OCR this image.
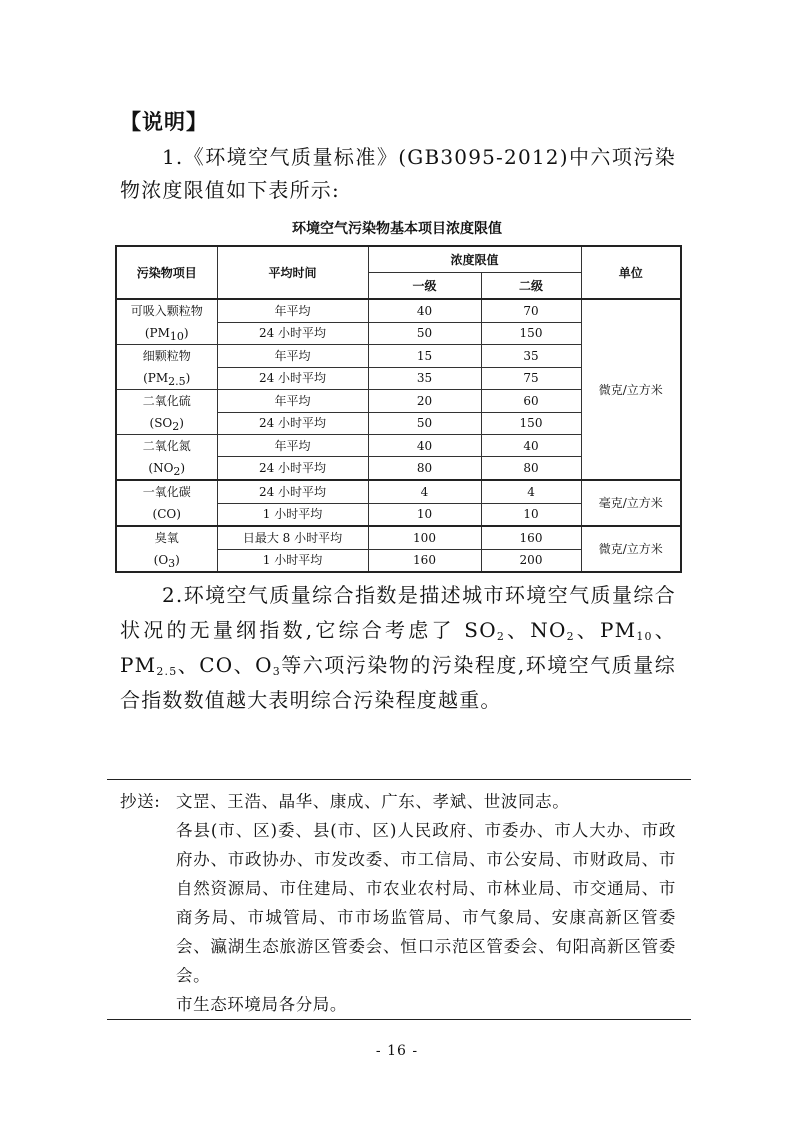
【说明】
1.《环境空气质量标准》(GB3095-2012)中六项污染物浓度限值如下表所示:
环境空气污染物基本项目浓度限值
污染物项目	平均时间	浓度限值		单位
		一级	二级	

可吸入颗粒物
$(PM_{10})$	年平均	40	70	微克/立方米
	24 小时平均	50	150	

细颗粒物
$(PM_{2.5})$	年平均	15	35	
	24 小时平均	35	75	

二氧化硫
$(SO_2)$	年平均	20	60	
	24 小时平均	50	150	

二氧化氮
$(NO_2)$	年平均	40	40	
	24 小时平均	80	80	

一氧化碳
(CO)	24 小时平均	4	4	毫克/立方米
	1 小时平均	10	10	

臭氧
$(O_3)$	日最大 8 小时平均	100	160	微克/立方米
	1 小时平均	160	200	
2.环境空气质量综合指数是描述城市环境空气质量综合状况的无量纲指数,它综合考虑了 $SO_2$、$NO_2$、$PM_{10}$、$PM_{2.5}$、CO、$O_3$等六项污染物的污染程度,环境空气质量综合指数数值越大表明综合污染程度越重。
抄送: 文罡、王浩、晶华、康成、广东、孝斌、世波同志。
各县(市、区)委、县(市、区)人民政府、市委办、市人大办、市政府办、市政协办、市发改委、市工信局、市公安局、市财政局、市自然资源局、市住建局、市农业农村局、市林业局、市交通局、市商务局、市城管局、市市场监管局、市气象局、安康高新区管委会、瀛湖生态旅游区管委会、恒口示范区管委会、旬阳高新区管委会。
市生态环境局各分局。
- 16 -
